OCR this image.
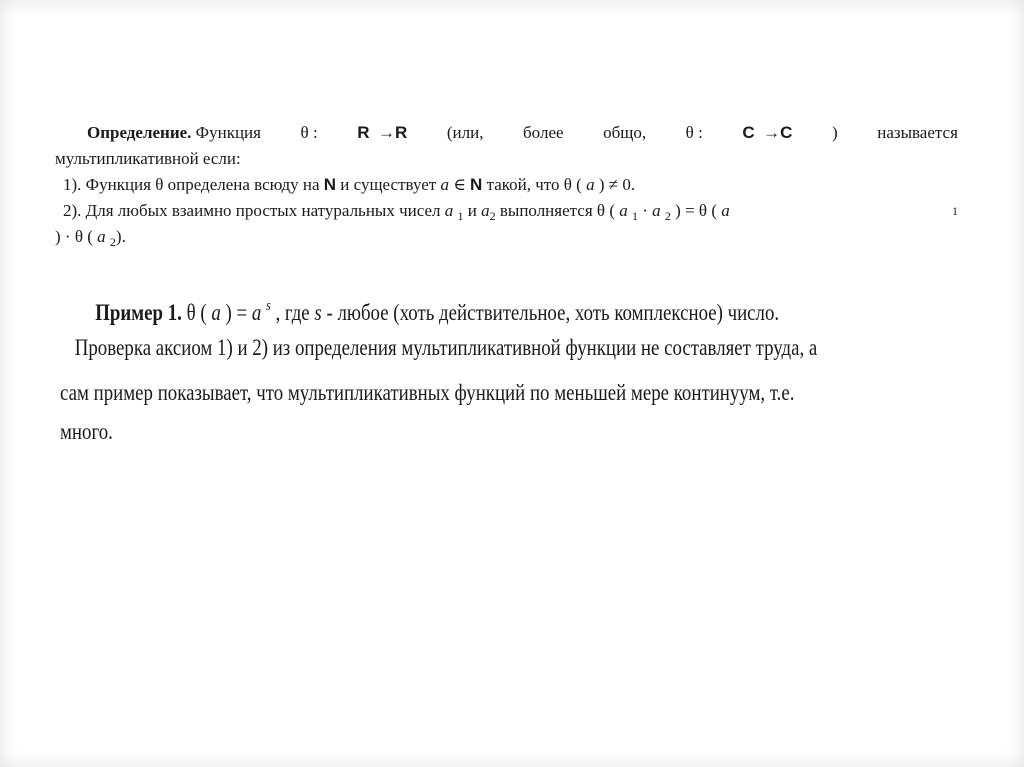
Определение. Функция θ : R →R (или, более общо, θ : C →C ) называется
мультипликативной если:
1). Функция θ определена всюду на N и существует a ∈ N такой, что θ ( a ) ≠ 0.
2). Для любых взаимно простых натуральных чисел a $_1$ и $a_2$ выполняется θ ( a $_1$ · a $_2$ ) = θ ( a	1
) · θ ( a $_2$).
Пример 1. θ ( a ) = a $^s$ , где s - любое (хоть действительное, хоть комплексное) число.
Проверка аксиом 1) и 2) из определения мультипликативной функции не составляет труда, а
сам пример показывает, что мультипликативных функций по меньшей мере континуум, т.е.
много.
